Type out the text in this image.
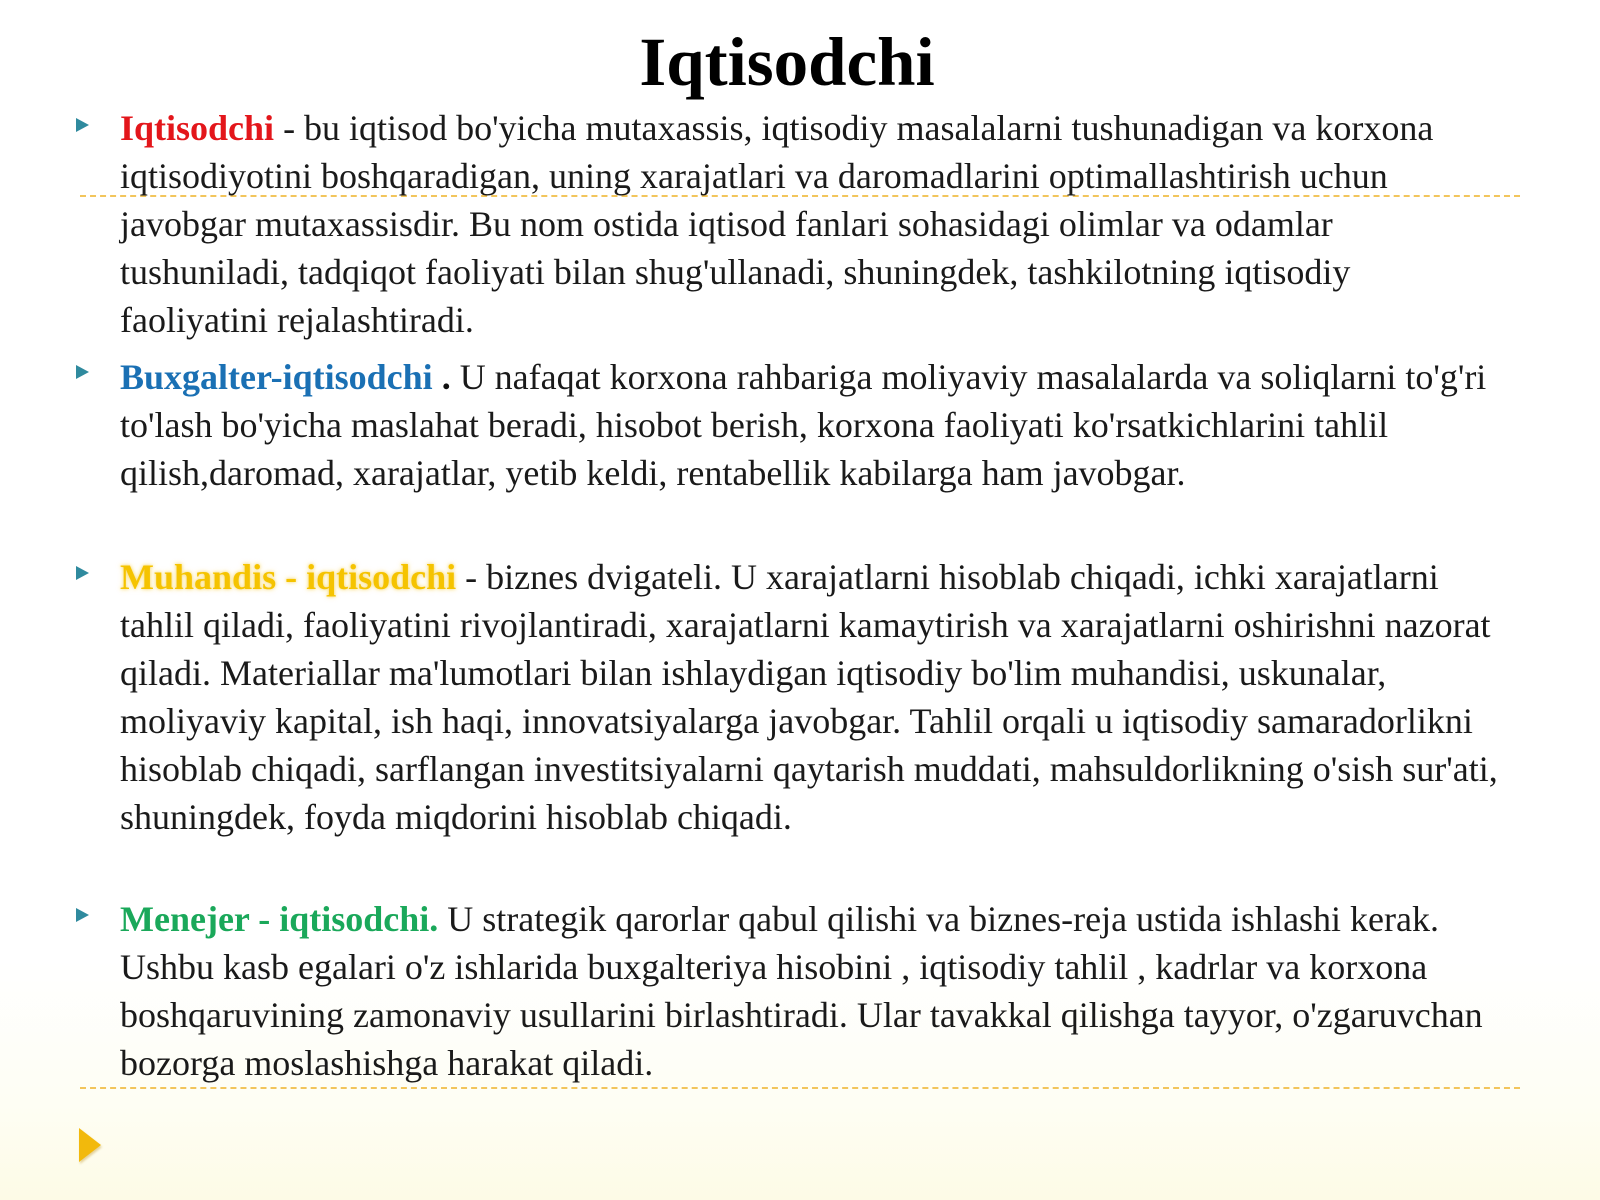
Iqtisodchi
Iqtisodchi - bu iqtisod bo'yicha mutaxassis, iqtisodiy masalalarni tushunadigan va korxona iqtisodiyotini boshqaradigan, uning xarajatlari va daromadlarini optimallashtirish uchun javobgar mutaxassisdir. Bu nom ostida iqtisod fanlari sohasidagi olimlar va odamlar tushuniladi, tadqiqot faoliyati bilan shug'ullanadi, shuningdek, tashkilotning iqtisodiy faoliyatini rejalashtiradi.
Buxgalter-iqtisodchi . U nafaqat korxona rahbariga moliyaviy masalalarda va soliqlarni to'g'ri to'lash bo'yicha maslahat beradi, hisobot berish, korxona faoliyati ko'rsatkichlarini tahlil qilish,daromad, xarajatlar, yetib keldi, rentabellik kabilarga ham javobgar.
Muhandis - iqtisodchi - biznes dvigateli. U xarajatlarni hisoblab chiqadi, ichki xarajatlarni tahlil qiladi, faoliyatini rivojlantiradi, xarajatlarni kamaytirish va xarajatlarni oshirishni nazorat qiladi. Materiallar ma'lumotlari bilan ishlaydigan iqtisodiy bo'lim muhandisi, uskunalar, moliyaviy kapital, ish haqi, innovatsiyalarga javobgar. Tahlil orqali u iqtisodiy samaradorlikni hisoblab chiqadi, sarflangan investitsiyalarni qaytarish muddati, mahsuldorlikning o'sish sur'ati, shuningdek, foyda miqdorini hisoblab chiqadi.
Menejer - iqtisodchi. U strategik qarorlar qabul qilishi va biznes-reja ustida ishlashi kerak. Ushbu kasb egalari o'z ishlarida buxgalteriya hisobini , iqtisodiy tahlil , kadrlar va korxona boshqaruvining zamonaviy usullarini birlashtiradi. Ular tavakkal qilishga tayyor, o'zgaruvchan bozorga moslashishga harakat qiladi.
